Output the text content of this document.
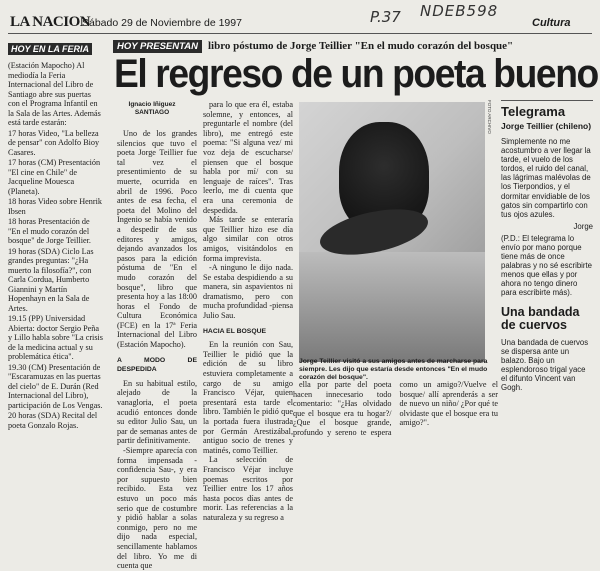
LA NACION
Sábado 29 de Noviembre de 1997	P.37 NDEB598
Cultura
HOY EN LA FERIA

(Estación Mapocho) Al mediodía la Feria Internacional del Libro de Santiago abre sus puertas con el Programa Infantil en la Sala de las Artes. Además está tarde estarán:

17 horas Video, "La belleza de pensar" con Adolfo Bioy Casares.

17 horas (CM) Presentación "El cine en Chile" de Jacqueline Mouesca (Planeta).

18 horas Video sobre Henrik Ibsen

18 horas Presentación de "En el mudo corazón del bosque" de Jorge Teillier.

19 horas (SDA) Ciclo Las grandes preguntas: "¿Ha muerto la filosofía?", con Carla Cordua, Humberto Giannini y Martín Hopenhayn en la Sala de Artes.

19.15 (PP) Universidad Abierta: doctor Sergio Peña y Lillo habla sobre "La crisis de la medicina actual y su problemática ética".

19.30 (CM) Presentación de "Escaramuzas en las puertas del cielo" de E. Durán (Red Internacional del Libro), participación de Los Vengas.

20 horas (SDA) Recital del poeta Gonzalo Rojas.

HOY PRESENTAN libro póstumo de Jorge Teillier "En el mudo corazón del bosque"
El regreso de un poeta bueno
Ignacio Iñiguez
SANTIAGO

Uno de los grandes silencios que tuvo el poeta Jorge Teillier fue tal vez el presentimiento de su muerte, ocurrida en abril de 1996. Poco antes de esa fecha, el poeta del Molino del Ingenio se había venido a despedir de sus editores y amigos, dejando avanzados los pasos para la edición póstuma de "En el mudo corazón del bosque", libro que presenta hoy a las 18:00 horas el Fondo de Cultura Económica (FCE) en la 17ª Feria Internacional del Libro (Estación Mapocho).

A MODO DE DESPEDIDA

En su habitual estilo, alejado de la vanagloria, el poeta acudió entonces donde su editor Julio Sau, un par de semanas antes de partir definitivamente.

-Siempre aparecía con forma impensada -confidencia Sau-, y era por supuesto bien recibido. Esta vez estuvo un poco más serio que de costumbre y pidió hablar a solas conmigo, pero no me dijo nada especial, sencillamente hablamos del libro. Yo me di cuenta que

para lo que era él, estaba solemne, y entonces, al preguntarle el nombre (del libro), me entregó este poema: "Si alguna vez/ mi voz deja de escucharse/ piensen que el bosque habla por mí/ con su lenguaje de raíces". Tras leerlo, me di cuenta que era una ceremonia de despedida.

Más tarde se enteraría que Teillier hizo ese día algo similar con otros amigos, visitándolos en forma imprevista.

-A ninguno le dijo nada. Se estaba despidiendo a su manera, sin aspavientos ni dramatismo, pero con mucha profundidad -piensa Julio Sau.

HACIA EL BOSQUE

En la reunión con Sau, Teillier le pidió que la edición de su libro estuviera completamente a cargo de su amigo Francisco Véjar, quien presentará esta tarde el libro. También le pidió que la portada fuera ilustrada por Germán Arestizábal, antiguo socio de trenes y matinés, como Teillier.

La selección de Francisco Véjar incluye poemas escritos por Teillier entre los 17 años hasta pocos días antes de morir. Las referencias a la naturaleza y su regreso a

FOTO ARCHIVO
Jorge Teillier visitó a sus amigos antes de marcharse para siempre. Les dijo que estaría desde entonces "En el mudo corazón del bosque".

ella por parte del poeta hacen innecesario todo comentario: "¿Has olvidado que el bosque era tu hogar?/¿Que el bosque grande, profundo y sereno te espera como un amigo?/Vuelve el bosque/ allí aprenderás a ser de nuevo un niño/ ¿Por qué te olvidaste que el bosque era tu amigo?".

Telegrama
Jorge Teillier (chileno)
Simplemente no me acostumbro a ver llegar la tarde, el vuelo de los tordos, el ruido del canal, las lágrimas malévolas de los Tierpondios, y el dormitar envidiable de los gatos sin compartirlo con tus ojos azules.
Jorge
(P.D.: El telegrama lo envío por mano porque tiene más de once palabras y no sé escribirte menos que ellas y por ahora no tengo dinero para escribirte más).
Una bandada de cuervos
Una bandada de cuervos se dispersa ante un balazo. Bajo un esplendoroso trigal yace el difunto Vincent van Gogh.
